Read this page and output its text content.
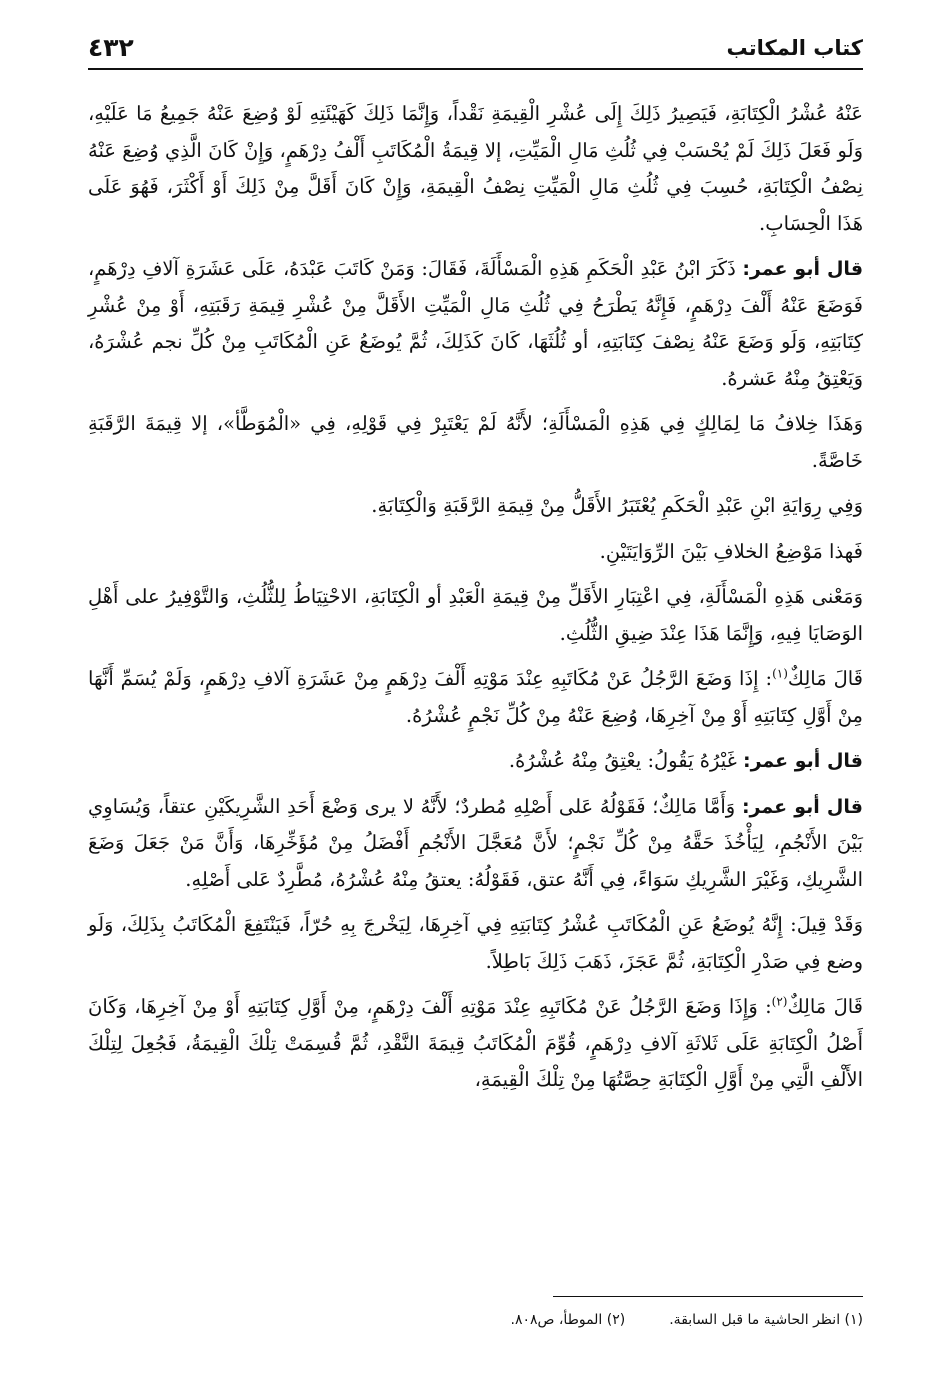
كتاب المكاتب
٤٣٢

عَنْهُ عُشْرُ الْكِتَابَةِ، فَيَصِيرُ ذَلِكَ إِلَى عُشْرِ الْقِيمَةِ نَقْداً، وَإِنَّمَا ذَلِكَ كَهَيْئَتِهِ لَوْ وُضِعَ عَنْهُ جَمِيعُ مَا عَلَيْهِ، وَلَو فَعَلَ ذَلِكَ لَمْ يُحْسَبْ فِي ثُلُثِ مَالِ الْمَيِّتِ، إلا قِيمَةُ الْمُكَاتَبِ أَلْفُ دِرْهَمٍ، وَإِنْ كَانَ الَّذِي وُضِعَ عَنْهُ نِصْفُ الْكِتَابَةِ، حُسِبَ فِي ثُلُثِ مَالِ الْمَيِّتِ نِصْفُ الْقِيمَةِ، وَإِنْ كَانَ أَقَلَّ مِنْ ذَلِكَ أَوْ أَكْثَرَ، فَهُوَ عَلَى هَذَا الْحِسَابِ.

قال أبو عمر: ذَكَرَ ابْنُ عَبْدِ الْحَكَمِ هَذِهِ الْمَسْأَلَةَ، فَقَالَ: وَمَنْ كَاتَبَ عَبْدَهُ، عَلَى عَشَرَةِ آلافِ دِرْهَمٍ، فَوَضَعَ عَنْهُ أَلْفَ دِرْهَمٍ، فَإِنَّهُ يَطْرَحُ فِي ثُلُثِ مَالِ الْمَيِّتِ الأَقَلَّ مِنْ عُشْرِ قِيمَةِ رَقَبَتِهِ، أَوْ مِنْ عُشْرِ كِتَابَتِهِ، وَلَو وَضَعَ عَنْهُ نِصْفَ كِتَابَتِهِ، أو ثُلُثَهَا، كَانَ كَذَلِكَ، ثُمَّ يُوضَعُ عَنِ الْمُكَاتَبِ مِنْ كُلِّ نجم عُشْرَهُ، وَيَعْتِقُ مِنْهُ عَشرهُ.

وَهَذَا خِلافُ مَا لِمَالِكٍ فِي هَذِهِ الْمَسْأَلَةِ؛ لأَنَّهُ لَمْ يَعْتَبِرْ فِي قَوْلِهِ، فِي «الْمُوَطَّأ»، إلا قِيمَةَ الرَّقَبَةِ خَاصَّةً.

وَفِي رِوَايَةِ ابْنِ عَبْدِ الْحَكَمِ يُعْتَبَرُ الأَقَلُّ مِنْ قِيمَةِ الرَّقَبَةِ وَالْكِتَابَةِ.

فَهذا مَوْضِعُ الخلافِ بَيْنَ الرِّوَايَتَيْنِ.

وَمَعْنى هَذِهِ الْمَسْأَلَةِ، فِي اعْتِبَارِ الأَقَلِّ مِنْ قِيمَةِ الْعَبْدِ أو الْكِتَابَةِ، الاحْتِيَاطُ لِلثُّلُثِ، وَالتَّوْفِيرُ على أَهْلِ الوَصَايَا فِيهِ، وَإِنَّمَا هَذَا عِنْدَ ضِيقِ الثُّلُثِ.

قَالَ مَالِكٌ$^{(١)}$: إِذَا وَضَعَ الرَّجُلُ عَنْ مُكَاتَبِهِ عِنْدَ مَوْتِهِ أَلْفَ دِرْهَمٍ مِنْ عَشَرَةِ آلافِ دِرْهَمٍ، وَلَمْ يُسَمِّ أَنَّهَا مِنْ أَوَّلِ كِتَابَتِهِ أَوْ مِنْ آخِرِهَا، وُضِعَ عَنْهُ مِنْ كُلِّ نَجْمٍ عُشْرُهُ.

قال أبو عمر: غَيْرُهُ يَقُولُ: يعْتِقُ مِنْهُ عُشْرُهُ.

قال أبو عمر: وَأَمَّا مَالِكٌ؛ فَقَوْلُهُ عَلى أَصْلِهِ مُطردٌ؛ لأَنَّهُ لا يرى وَضْعَ أَحَدِ الشَّرِيكَيْنِ عتقاً، وَيُسَاوِي بَيْنَ الأَنْجُمِ، لِيَأْخُذَ حَقَّهُ مِنْ كُلِّ نَجْمٍ؛ لأَنَّ مُعَجَّلَ الأَنْجُمِ أَفْضَلُ مِنْ مُؤَخِّرِهَا، وَأَنَّ مَنْ جَعَلَ وَضَعَ الشَّرِيكِ، وَغَيْرَ الشَّرِيكِ سَوَاءً، فِي أَنَّهُ عتق، فَقَوْلُهُ: يعتقُ مِنْهُ عُشْرُهُ، مُطَّرِدٌ عَلى أَصْلِهِ.

وَقَدْ قِيلَ: إِنَّهُ يُوضَعُ عَنِ الْمُكَاتَبِ عُشْرُ كِتَابَتِهِ فِي آخِرِهَا، لِيَخْرجَ بِهِ حُرّاً، فَيَنْتَفِعَ الْمُكَاتَبُ بِذَلِكَ، وَلَو وضع فِي صَدْرِ الْكِتَابَةِ، ثُمَّ عَجَزَ، ذَهَبَ ذَلِكَ بَاطِلاً.

قَالَ مَالِكٌ$^{(٢)}$: وَإِذَا وَضَعَ الرَّجُلُ عَنْ مُكَاتَبِهِ عِنْدَ مَوْتِهِ أَلْفَ دِرْهَمٍ، مِنْ أَوَّلِ كِتَابَتِهِ أَوْ مِنْ آخِرِهَا، وَكَانَ أَصْلُ الْكِتَابَةِ عَلَى ثَلاثَةِ آلافِ دِرْهَمٍ، قُوِّمَ الْمُكَاتَبُ قِيمَةَ النَّقْدِ، ثُمَّ قُسِمَتْ تِلْكَ الْقِيمَةُ، فَجُعِلَ لِتِلْكَ الأَلْفِ الَّتِي مِنْ أَوَّلِ الْكِتَابَةِ حِصَّتُهَا مِنْ تِلْكَ الْقِيمَةِ،

(١) انظر الحاشية ما قبل السابقة.
(٢) الموطأ، ص٨٠٨.
